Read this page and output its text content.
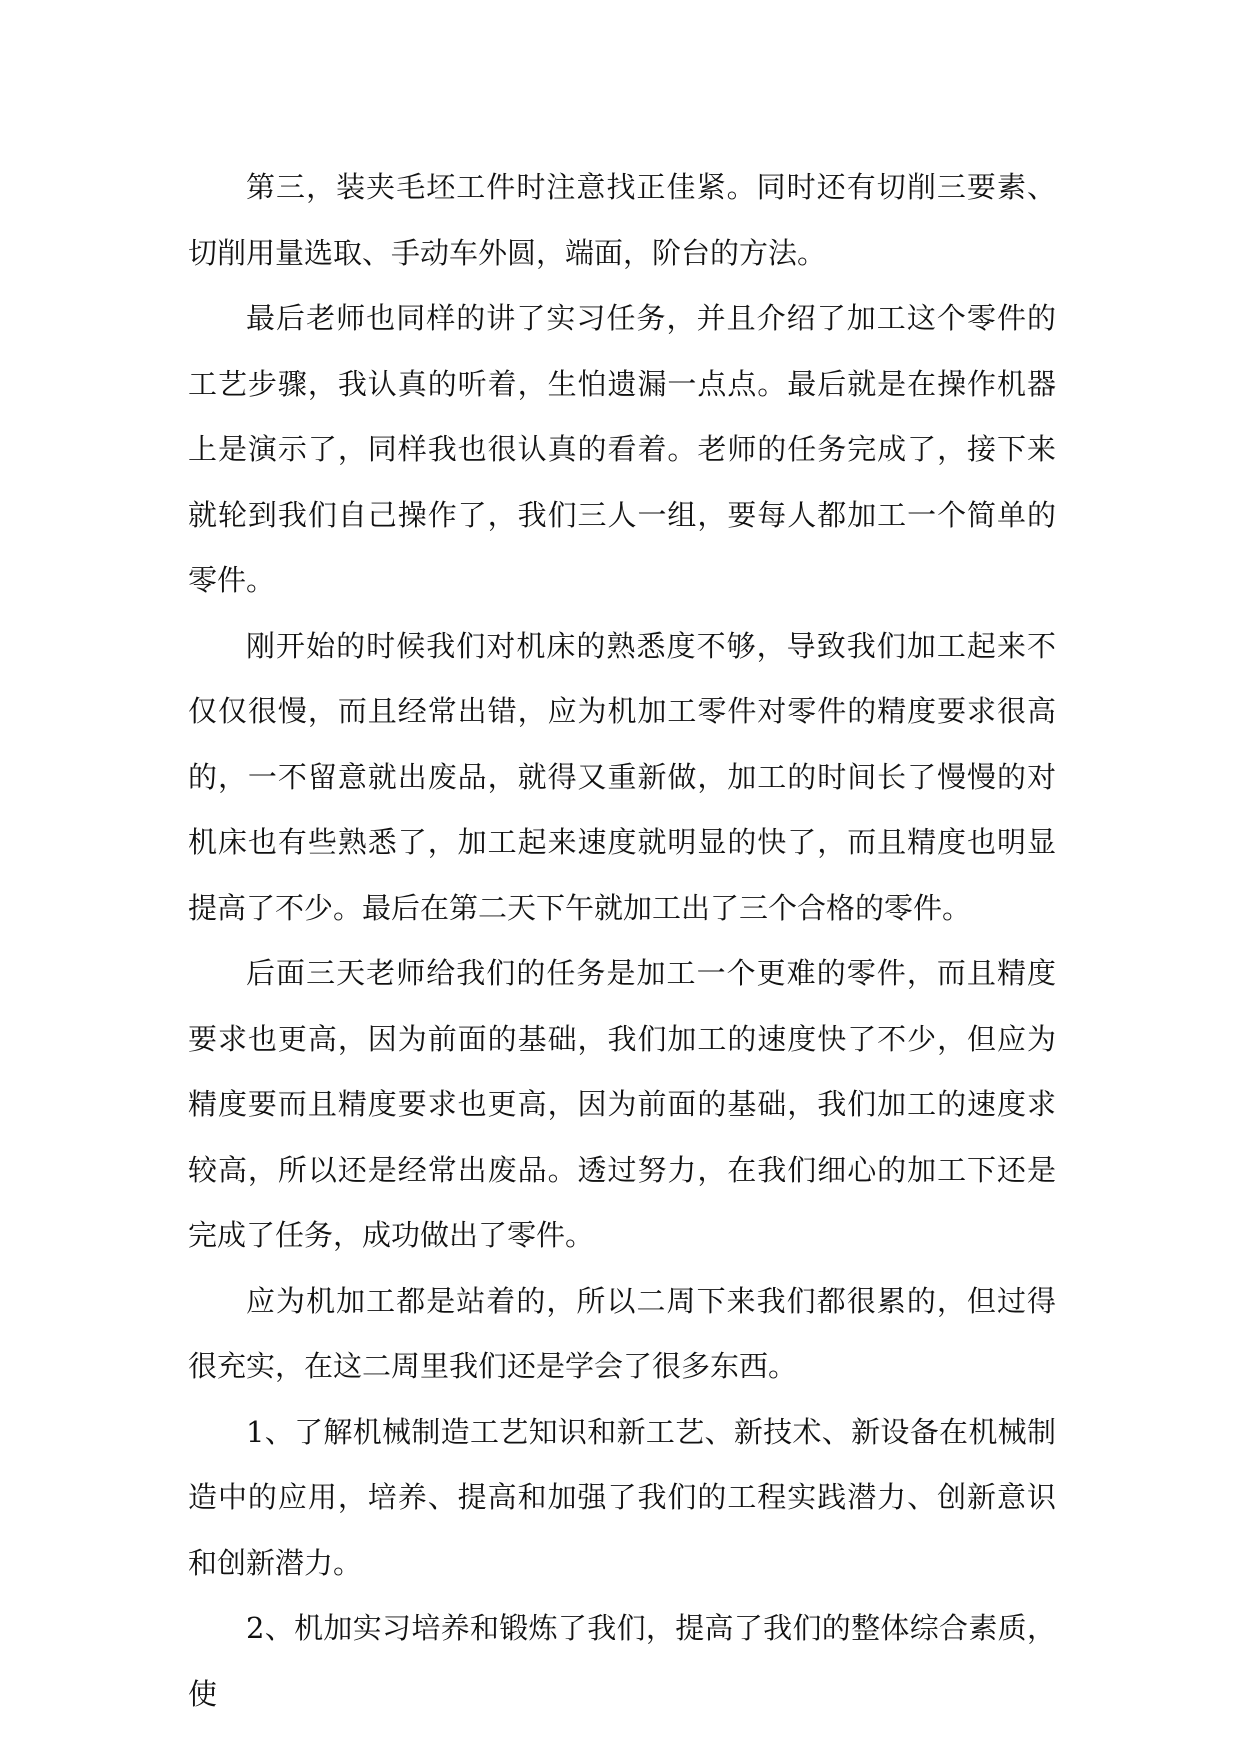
第三，装夹毛坯工件时注意找正佳紧。同时还有切削三要素、切削用量选取、手动车外圆，端面，阶台的方法。

最后老师也同样的讲了实习任务，并且介绍了加工这个零件的工艺步骤，我认真的听着，生怕遗漏一点点。最后就是在操作机器上是演示了，同样我也很认真的看着。老师的任务完成了，接下来就轮到我们自己操作了，我们三人一组，要每人都加工一个简单的零件。

刚开始的时候我们对机床的熟悉度不够，导致我们加工起来不仅仅很慢，而且经常出错，应为机加工零件对零件的精度要求很高的，一不留意就出废品，就得又重新做，加工的时间长了慢慢的对机床也有些熟悉了，加工起来速度就明显的快了，而且精度也明显提高了不少。最后在第二天下午就加工出了三个合格的零件。

后面三天老师给我们的任务是加工一个更难的零件，而且精度要求也更高，因为前面的基础，我们加工的速度快了不少，但应为精度要而且精度要求也更高，因为前面的基础，我们加工的速度求较高，所以还是经常出废品。透过努力，在我们细心的加工下还是完成了任务，成功做出了零件。

应为机加工都是站着的，所以二周下来我们都很累的，但过得很充实，在这二周里我们还是学会了很多东西。

1、了解机械制造工艺知识和新工艺、新技术、新设备在机械制造中的应用，培养、提高和加强了我们的工程实践潜力、创新意识和创新潜力。

2、机加实习培养和锻炼了我们，提高了我们的整体综合素质，使
